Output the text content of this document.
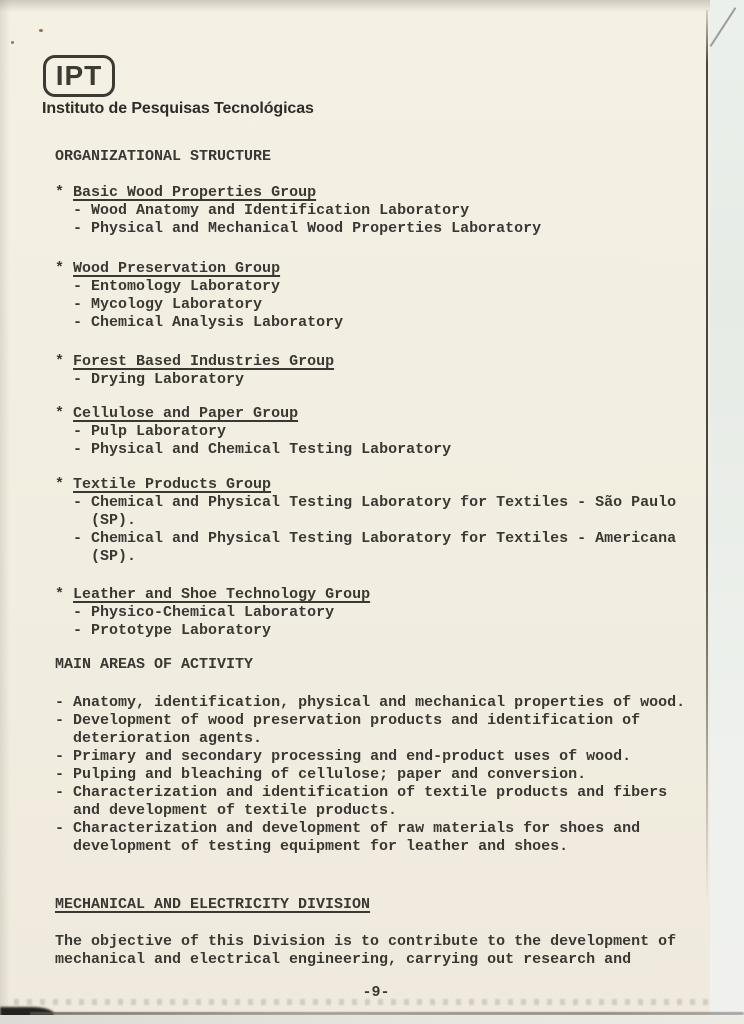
IPT
Instituto de Pesquisas Tecnológicas
ORGANIZATIONAL STRUCTURE
* Basic Wood Properties Group
- Wood Anatomy and Identification Laboratory
- Physical and Mechanical Wood Properties Laboratory
* Wood Preservation Group
- Entomology Laboratory
- Mycology Laboratory
- Chemical Analysis Laboratory
* Forest Based Industries Group
- Drying Laboratory
* Cellulose and Paper Group
- Pulp Laboratory
- Physical and Chemical Testing Laboratory
* Textile Products Group
- Chemical and Physical Testing Laboratory for Textiles - São Paulo (SP).
- Chemical and Physical Testing Laboratory for Textiles - Americana (SP).
* Leather and Shoe Technology Group
- Physico-Chemical Laboratory
- Prototype Laboratory
MAIN AREAS OF ACTIVITY
- Anatomy, identification, physical and mechanical properties of wood.
- Development of wood preservation products and identification of deterioration agents.
- Primary and secondary processing and end-product uses of wood.
- Pulping and bleaching of cellulose; paper and conversion.
- Characterization and identification of textile products and fibers and development of textile products.
- Characterization and development of raw materials for shoes and development of testing equipment for leather and shoes.
MECHANICAL AND ELECTRICITY DIVISION
The objective of this Division is to contribute to the development of mechanical and electrical engineering, carrying out research and
-9-
